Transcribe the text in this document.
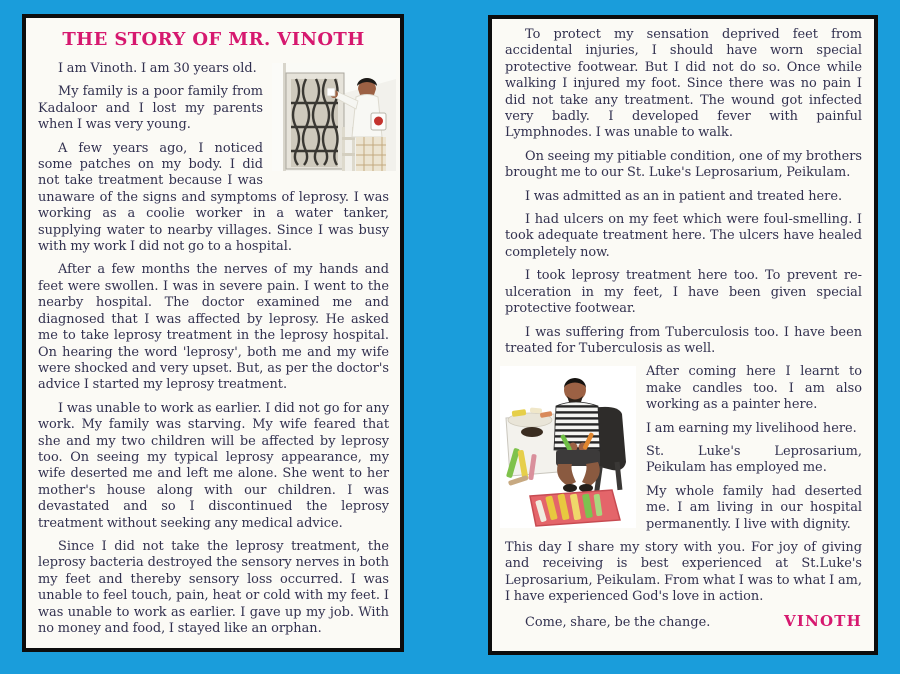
THE STORY OF MR. VINOTH

I am Vinoth. I am 30 years old.

My family is a poor family from Kadaloor and I lost my parents when I was very young.

A few years ago, I noticed some patches on my body. I did not take treatment because I was unaware of the signs and symptoms of leprosy. I was working as a coolie worker in a water tanker, supplying water to nearby villages. Since I was busy with my work I did not go to a hospital.

After a few months the nerves of my hands and feet were swollen. I was in severe pain. I went to the nearby hospital. The doctor examined me and diagnosed that I was affected by leprosy. He asked me to take leprosy treatment in the leprosy hospital. On hearing the word 'leprosy', both me and my wife were shocked and very upset. But, as per the doctor's advice I started my leprosy treatment.

I was unable to work as earlier. I did not go for any work. My family was starving. My wife feared that she and my two children will be affected by leprosy too. On seeing my typical leprosy appearance, my wife deserted me and left me alone. She went to her mother's house along with our children. I was devastated and so I discontinued the leprosy treatment without seeking any medical advice.

Since I did not take the leprosy treatment, the leprosy bacteria destroyed the sensory nerves in both my feet and thereby sensory loss occurred. I was unable to feel touch, pain, heat or cold with my feet. I was unable to work as earlier. I gave up my job. With no money and food, I stayed like an orphan.

To protect my sensation deprived feet from accidental injuries, I should have worn special protective footwear. But I did not do so. Once while walking I injured my foot. Since there was no pain I did not take any treatment. The wound got infected very badly. I developed fever with painful Lymphnodes. I was unable to walk.

On seeing my pitiable condition, one of my brothers brought me to our St. Luke's Leprosarium, Peikulam.

I was admitted as an in patient and treated here.

I had ulcers on my feet which were foul-smelling. I took adequate treatment here. The ulcers have healed completely now.

I took leprosy treatment here too. To prevent re-ulceration in my feet, I have been given special protective footwear.

I was suffering from Tuberculosis too. I have been treated for Tuberculosis as well.

After coming here I learnt to make candles too. I am also working as a painter here.

I am earning my livelihood here.

St. Luke's Leprosarium, Peikulam has employed me.

My whole family had deserted me. I am living in our hospital permanently. I live with dignity.

This day I share my story with you. For joy of giving and receiving is best experienced at St.Luke's Leprosarium, Peikulam. From what I was to what I am, I have experienced God's love in action.

Come, share, be the change.	VINOTH
